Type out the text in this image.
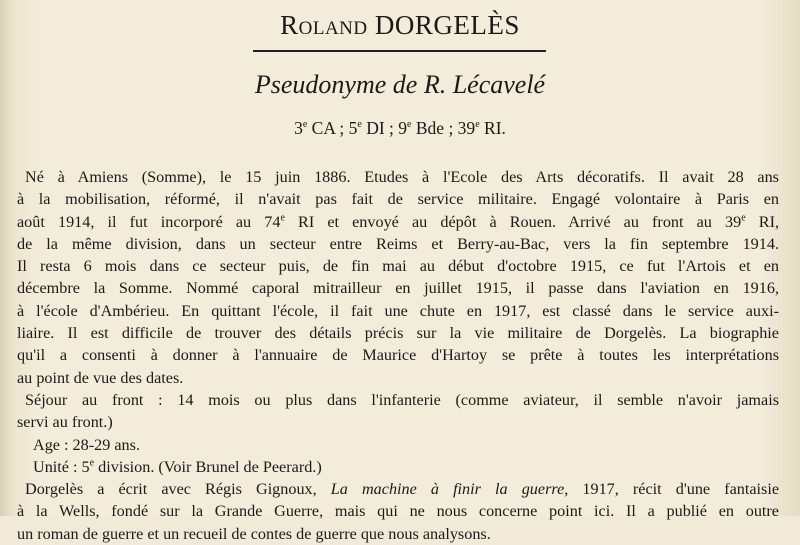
Roland DORGELÈS
Pseudonyme de R. Lécavelé
3e CA ; 5e DI ; 9e Bde ; 39e RI.
Né à Amiens (Somme), le 15 juin 1886. Etudes à l'Ecole des Arts décoratifs. Il avait 28 ans
à la mobilisation, réformé, il n'avait pas fait de service militaire. Engagé volontaire à Paris en
août 1914, il fut incorporé au 74e RI et envoyé au dépôt à Rouen. Arrivé au front au 39e RI,
de la même division, dans un secteur entre Reims et Berry-au-Bac, vers la fin septembre 1914.
Il resta 6 mois dans ce secteur puis, de fin mai au début d'octobre 1915, ce fut l'Artois et en
décembre la Somme. Nommé caporal mitrailleur en juillet 1915, il passe dans l'aviation en 1916,
à l'école d'Ambérieu. En quittant l'école, il fait une chute en 1917, est classé dans le service auxi-
liaire. Il est difficile de trouver des détails précis sur la vie militaire de Dorgelès. La biographie
qu'il a consenti à donner à l'annuaire de Maurice d'Hartoy se prête à toutes les interprétations
au point de vue des dates.
Séjour au front : 14 mois ou plus dans l'infanterie (comme aviateur, il semble n'avoir jamais
servi au front.)
Age : 28-29 ans.
Unité : 5e division. (Voir Brunel de Peerard.)
Dorgelès a écrit avec Régis Gignoux, La machine à finir la guerre, 1917, récit d'une fantaisie
à la Wells, fondé sur la Grande Guerre, mais qui ne nous concerne point ici. Il a publié en outre
un roman de guerre et un recueil de contes de guerre que nous analysons.
